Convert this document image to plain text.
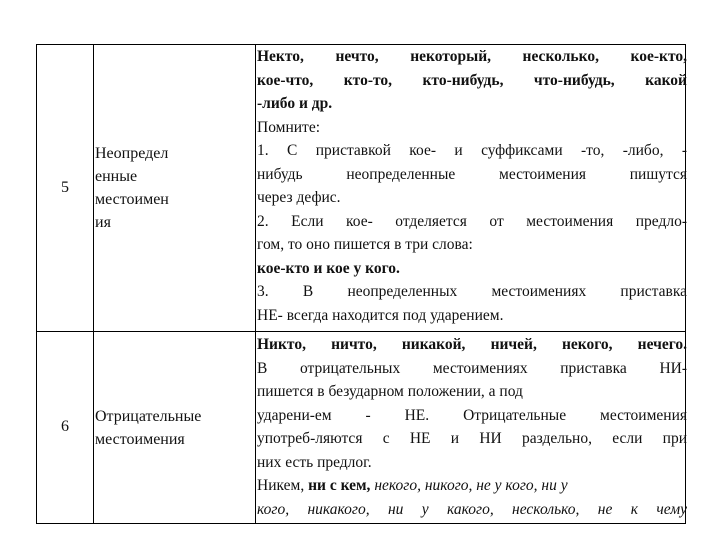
5
Неопредел
енные
местоимен
ия
Некто, нечто, некоторый, несколько, кое-кто,
кое-что, кто-то, кто-нибудь, что-нибудь, какой
-либо и др.
Помните:
1. С приставкой кое- и суффиксами -то, -либо, -
нибудь неопределенные местоимения пишутся
через дефис.
2. Если кое- отделяется от местоимения предло-
гом, то оно пишется в три слова:
кое-кто и кое у кого.
3. В неопределенных местоимениях приставка
НЕ- всегда находится под ударением.
6
Отрицательные
местоимения
Никто, ничто, никакой, ничей, некого, нечего.
В отрицательных местоимениях приставка НИ-
пишется в безударном положении, а под
ударени-ем - НЕ. Отрицательные местоимения
употреб-ляются с НЕ и НИ раздельно, если при
них есть предлог.
Никем, ни с кем, некого, никого, не у кого, ни у
кого, никакого, ни у какого, несколько, не к чему
